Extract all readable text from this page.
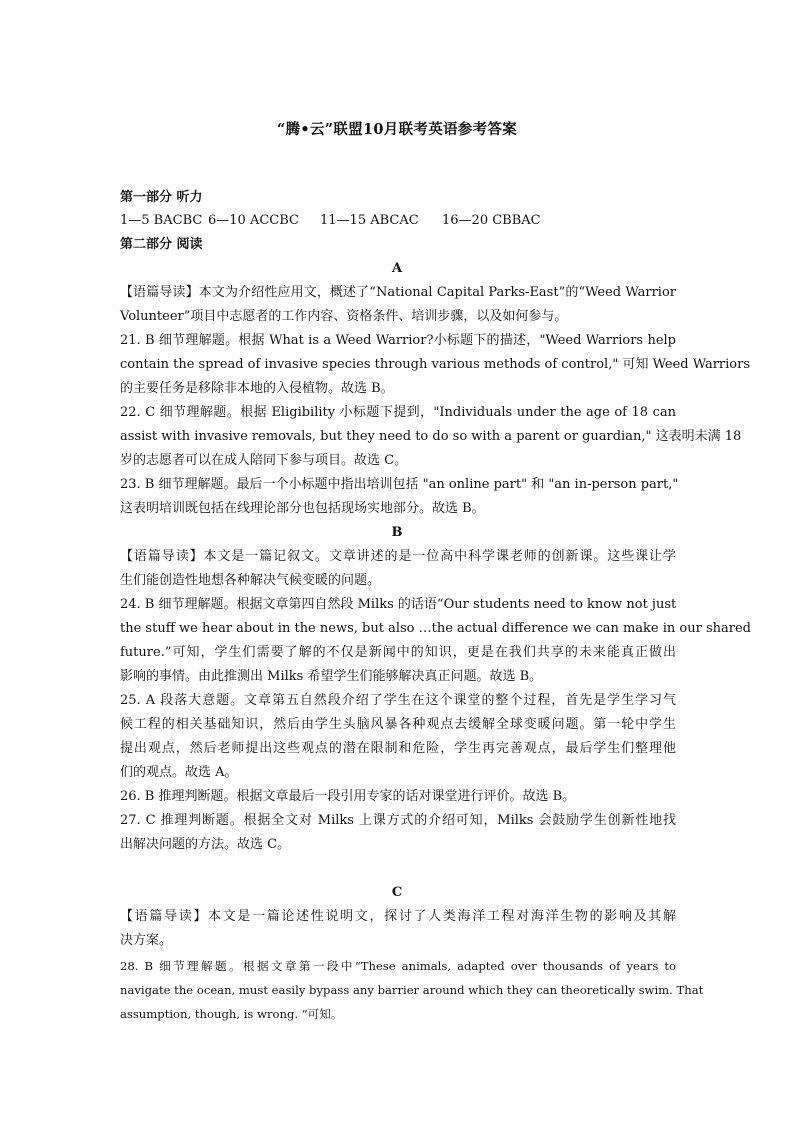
“腾•云”联盟10月联考英语参考答案
第一部分 听力
1—5 BACBC 6—10 ACCBC 11—15 ABCAC 16—20 CBBAC
第二部分 阅读
A
【语篇导读】本文为介绍性应用文，概述了“National Capital Parks-East”的“Weed Warrior
Volunteer”项目中志愿者的工作内容、资格条件、培训步骤，以及如何参与。
21. B 细节理解题。根据 What is a Weed Warrior?小标题下的描述，"Weed Warriors help
contain the spread of invasive species through various methods of control," 可知 Weed Warriors
的主要任务是移除非本地的入侵植物。故选 B。
22. C 细节理解题。根据 Eligibility 小标题下提到，"Individuals under the age of 18 can
assist with invasive removals, but they need to do so with a parent or guardian," 这表明未满 18
岁的志愿者可以在成人陪同下参与项目。故选 C。
23. B 细节理解题。最后一个小标题中指出培训包括 "an online part" 和 "an in-person part,"
这表明培训既包括在线理论部分也包括现场实地部分。故选 B。
B
【语篇导读】本文是一篇记叙文。文章讲述的是一位高中科学课老师的创新课。这些课让学
生们能创造性地想各种解决气候变暖的问题。
24. B 细节理解题。根据文章第四自然段 Milks 的话语“Our students need to know not just
the stuff we hear about in the news, but also …the actual difference we can make in our shared
future.”可知，学生们需要了解的不仅是新闻中的知识，更是在我们共享的未来能真正做出
影响的事情。由此推测出 Milks 希望学生们能够解决真正问题。故选 B。
25. A 段落大意题。文章第五自然段介绍了学生在这个课堂的整个过程，首先是学生学习气
候工程的相关基础知识，然后由学生头脑风暴各种观点去缓解全球变暖问题。第一轮中学生
提出观点，然后老师提出这些观点的潜在限制和危险，学生再完善观点，最后学生们整理他
们的观点。故选 A。
26. B 推理判断题。根据文章最后一段引用专家的话对课堂进行评价。故选 B。
27. C 推理判断题。根据全文对 Milks 上课方式的介绍可知，Milks 会鼓励学生创新性地找
出解决问题的方法。故选 C。
C
【语篇导读】本文是一篇论述性说明文，探讨了人类海洋工程对海洋生物的影响及其解
决方案。
28. B 细节理解题。根据文章第一段中“These animals, adapted over thousands of years to
navigate the ocean, must easily bypass any barrier around which they can theoretically swim. That
assumption, though, is wrong. ”可知。
